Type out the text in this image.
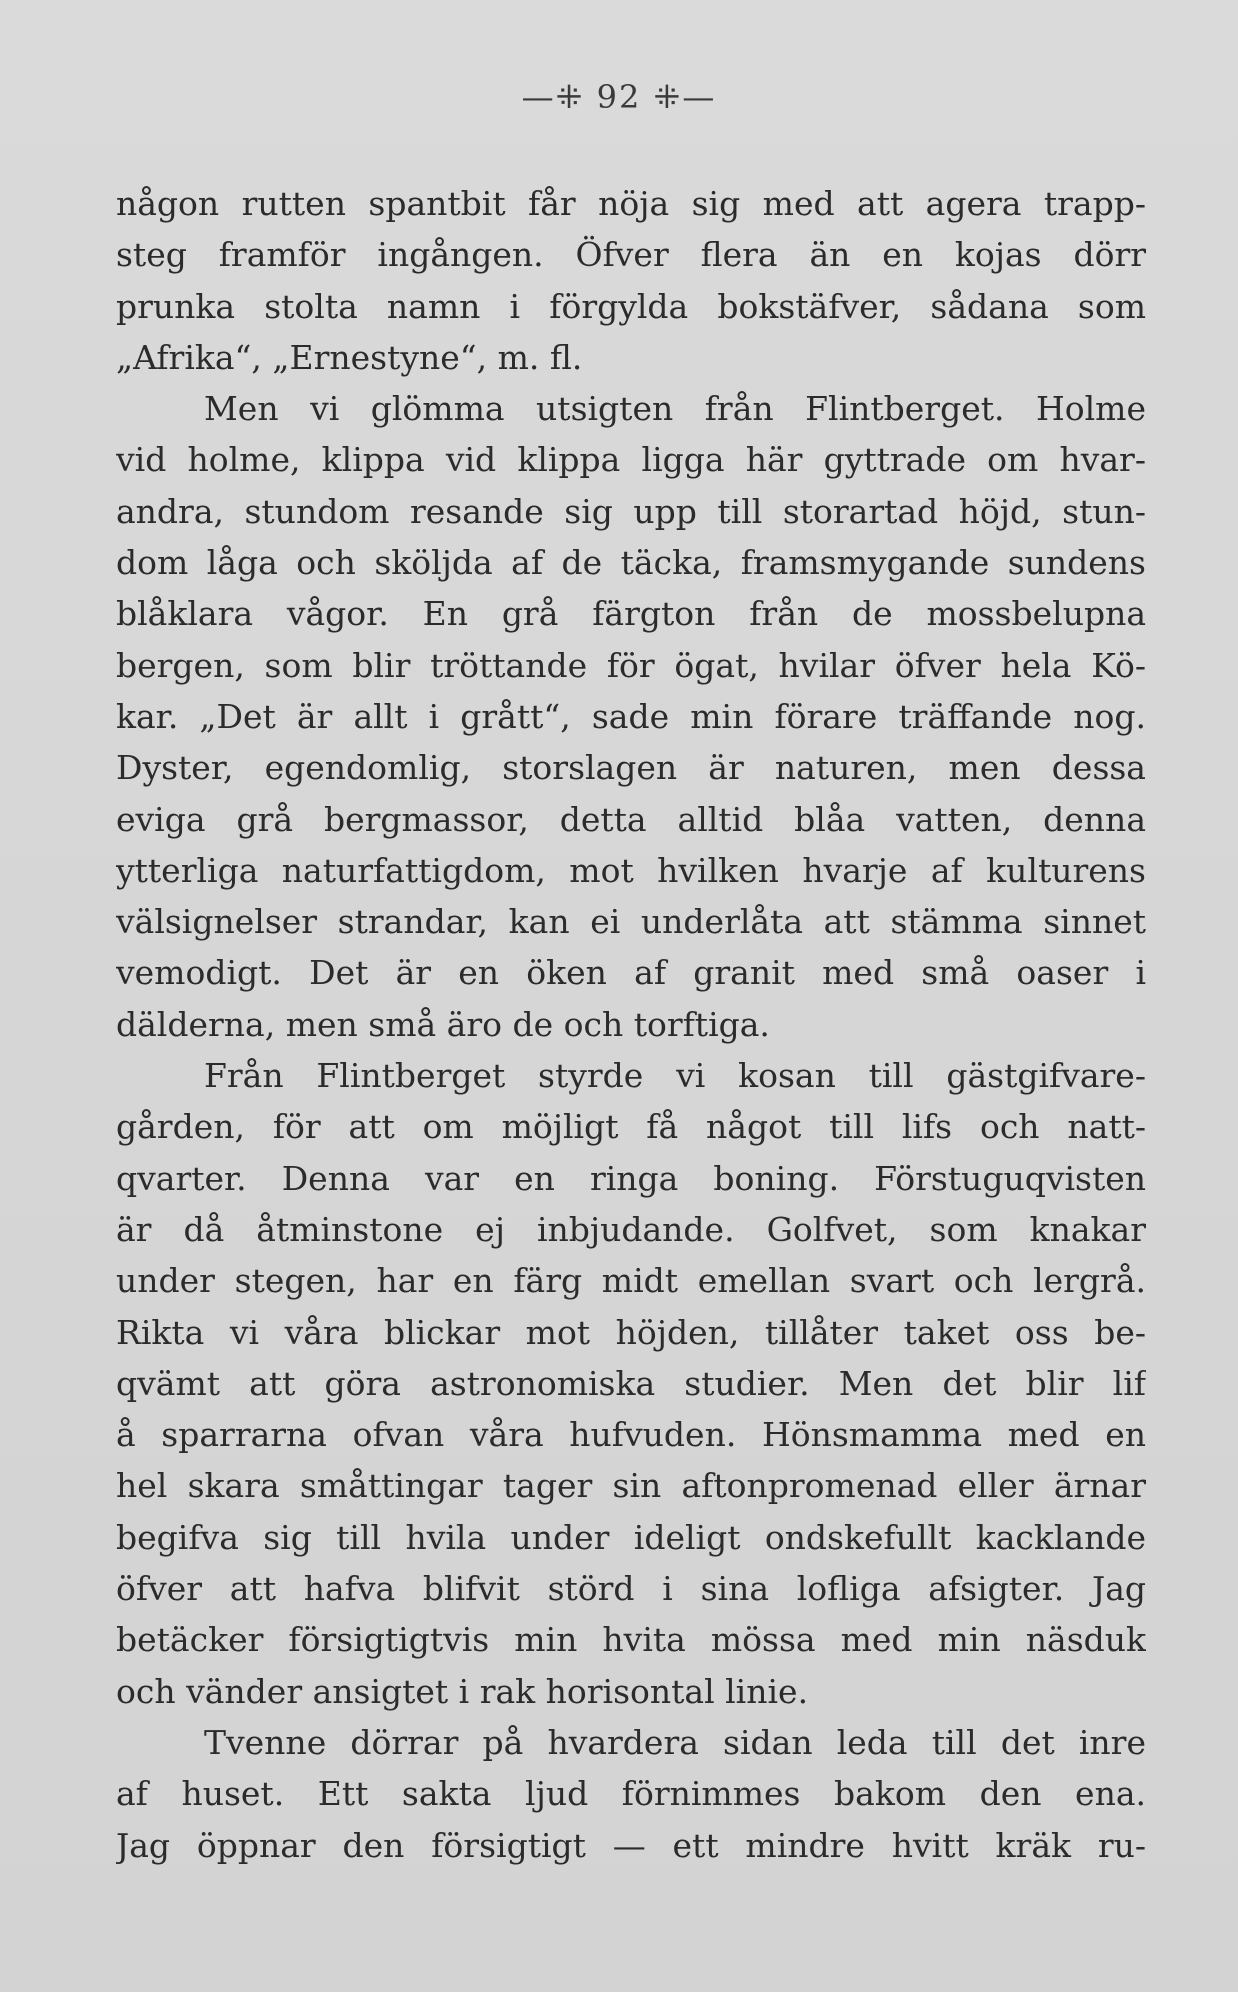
—⁜ 92 ⁜—
någon rutten spantbit får nöja sig med att agera trapp-
steg framför ingången. Öfver flera än en kojas dörr
prunka stolta namn i förgylda bokstäfver, sådana som
„Afrika“, „Ernestyne“, m. fl.
Men vi glömma utsigten från Flintberget. Holme
vid holme, klippa vid klippa ligga här gyttrade om hvar-
andra, stundom resande sig upp till storartad höjd, stun-
dom låga och sköljda af de täcka, framsmygande sundens
blåklara vågor. En grå färgton från de mossbelupna
bergen, som blir tröttande för ögat, hvilar öfver hela Kö-
kar. „Det är allt i grått“, sade min förare träffande nog.
Dyster, egendomlig, storslagen är naturen, men dessa
eviga grå bergmassor, detta alltid blåa vatten, denna
ytterliga naturfattigdom, mot hvilken hvarje af kulturens
välsignelser strandar, kan ei underlåta att stämma sinnet
vemodigt. Det är en öken af granit med små oaser i
dälderna, men små äro de och torftiga.
Från Flintberget styrde vi kosan till gästgifvare-
gården, för att om möjligt få något till lifs och natt-
qvarter. Denna var en ringa boning. Förstuguqvisten
är då åtminstone ej inbjudande. Golfvet, som knakar
under stegen, har en färg midt emellan svart och lergrå.
Rikta vi våra blickar mot höjden, tillåter taket oss be-
qvämt att göra astronomiska studier. Men det blir lif
å sparrarna ofvan våra hufvuden. Hönsmamma med en
hel skara småttingar tager sin aftonpromenad eller ärnar
begifva sig till hvila under ideligt ondskefullt kacklande
öfver att hafva blifvit störd i sina lofliga afsigter. Jag
betäcker försigtigtvis min hvita mössa med min näsduk
och vänder ansigtet i rak horisontal linie.
Tvenne dörrar på hvardera sidan leda till det inre
af huset. Ett sakta ljud förnimmes bakom den ena.
Jag öppnar den försigtigt — ett mindre hvitt kräk ru-
